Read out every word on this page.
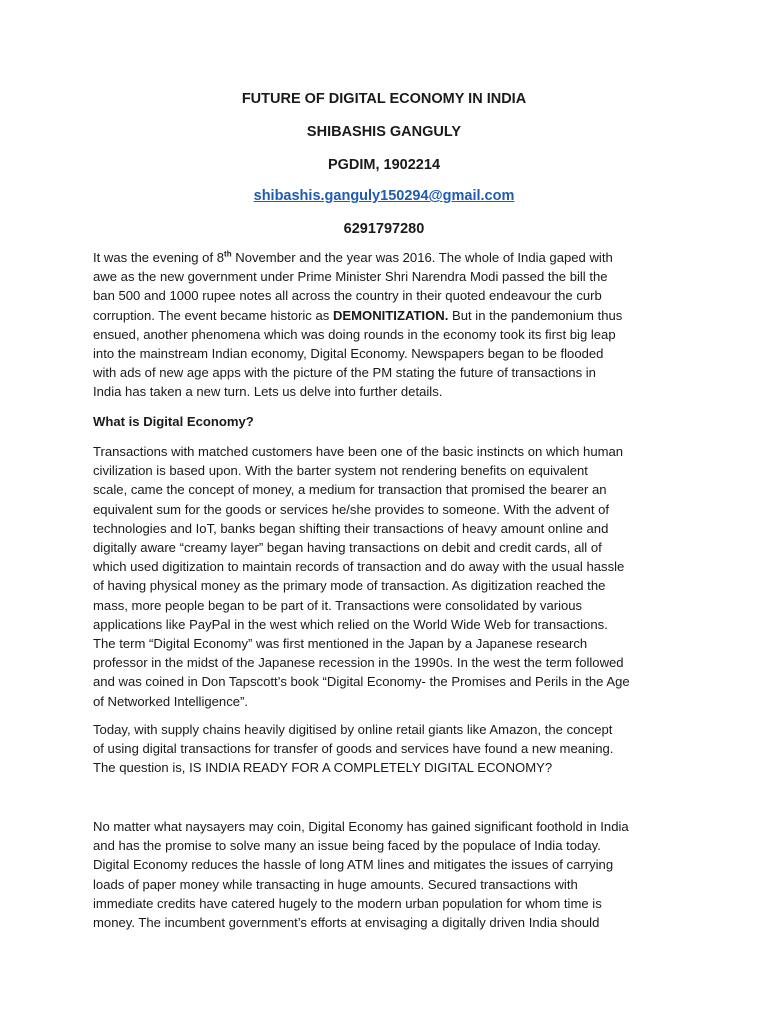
FUTURE OF DIGITAL ECONOMY IN INDIA
SHIBASHIS GANGULY
PGDIM, 1902214
shibashis.ganguly150294@gmail.com
6291797280

It was the evening of 8th November and the year was 2016. The whole of India gaped with
awe as the new government under Prime Minister Shri Narendra Modi passed the bill the
ban 500 and 1000 rupee notes all across the country in their quoted endeavour the curb
corruption. The event became historic as DEMONITIZATION. But in the pandemonium thus
ensued, another phenomena which was doing rounds in the economy took its first big leap
into the mainstream Indian economy, Digital Economy. Newspapers began to be flooded
with ads of new age apps with the picture of the PM stating the future of transactions in
India has taken a new turn. Lets us delve into further details.

What is Digital Economy?

Transactions with matched customers have been one of the basic instincts on which human
civilization is based upon. With the barter system not rendering benefits on equivalent
scale, came the concept of money, a medium for transaction that promised the bearer an
equivalent sum for the goods or services he/she provides to someone. With the advent of
technologies and IoT, banks began shifting their transactions of heavy amount online and
digitally aware “creamy layer” began having transactions on debit and credit cards, all of
which used digitization to maintain records of transaction and do away with the usual hassle
of having physical money as the primary mode of transaction. As digitization reached the
mass, more people began to be part of it. Transactions were consolidated by various
applications like PayPal in the west which relied on the World Wide Web for transactions.
The term “Digital Economy” was first mentioned in the Japan by a Japanese research
professor in the midst of the Japanese recession in the 1990s. In the west the term followed
and was coined in Don Tapscott’s book “Digital Economy- the Promises and Perils in the Age
of Networked Intelligence”.

Today, with supply chains heavily digitised by online retail giants like Amazon, the concept
of using digital transactions for transfer of goods and services have found a new meaning.
The question is, IS INDIA READY FOR A COMPLETELY DIGITAL ECONOMY?

No matter what naysayers may coin, Digital Economy has gained significant foothold in India
and has the promise to solve many an issue being faced by the populace of India today.
Digital Economy reduces the hassle of long ATM lines and mitigates the issues of carrying
loads of paper money while transacting in huge amounts. Secured transactions with
immediate credits have catered hugely to the modern urban population for whom time is
money. The incumbent government’s efforts at envisaging a digitally driven India should
